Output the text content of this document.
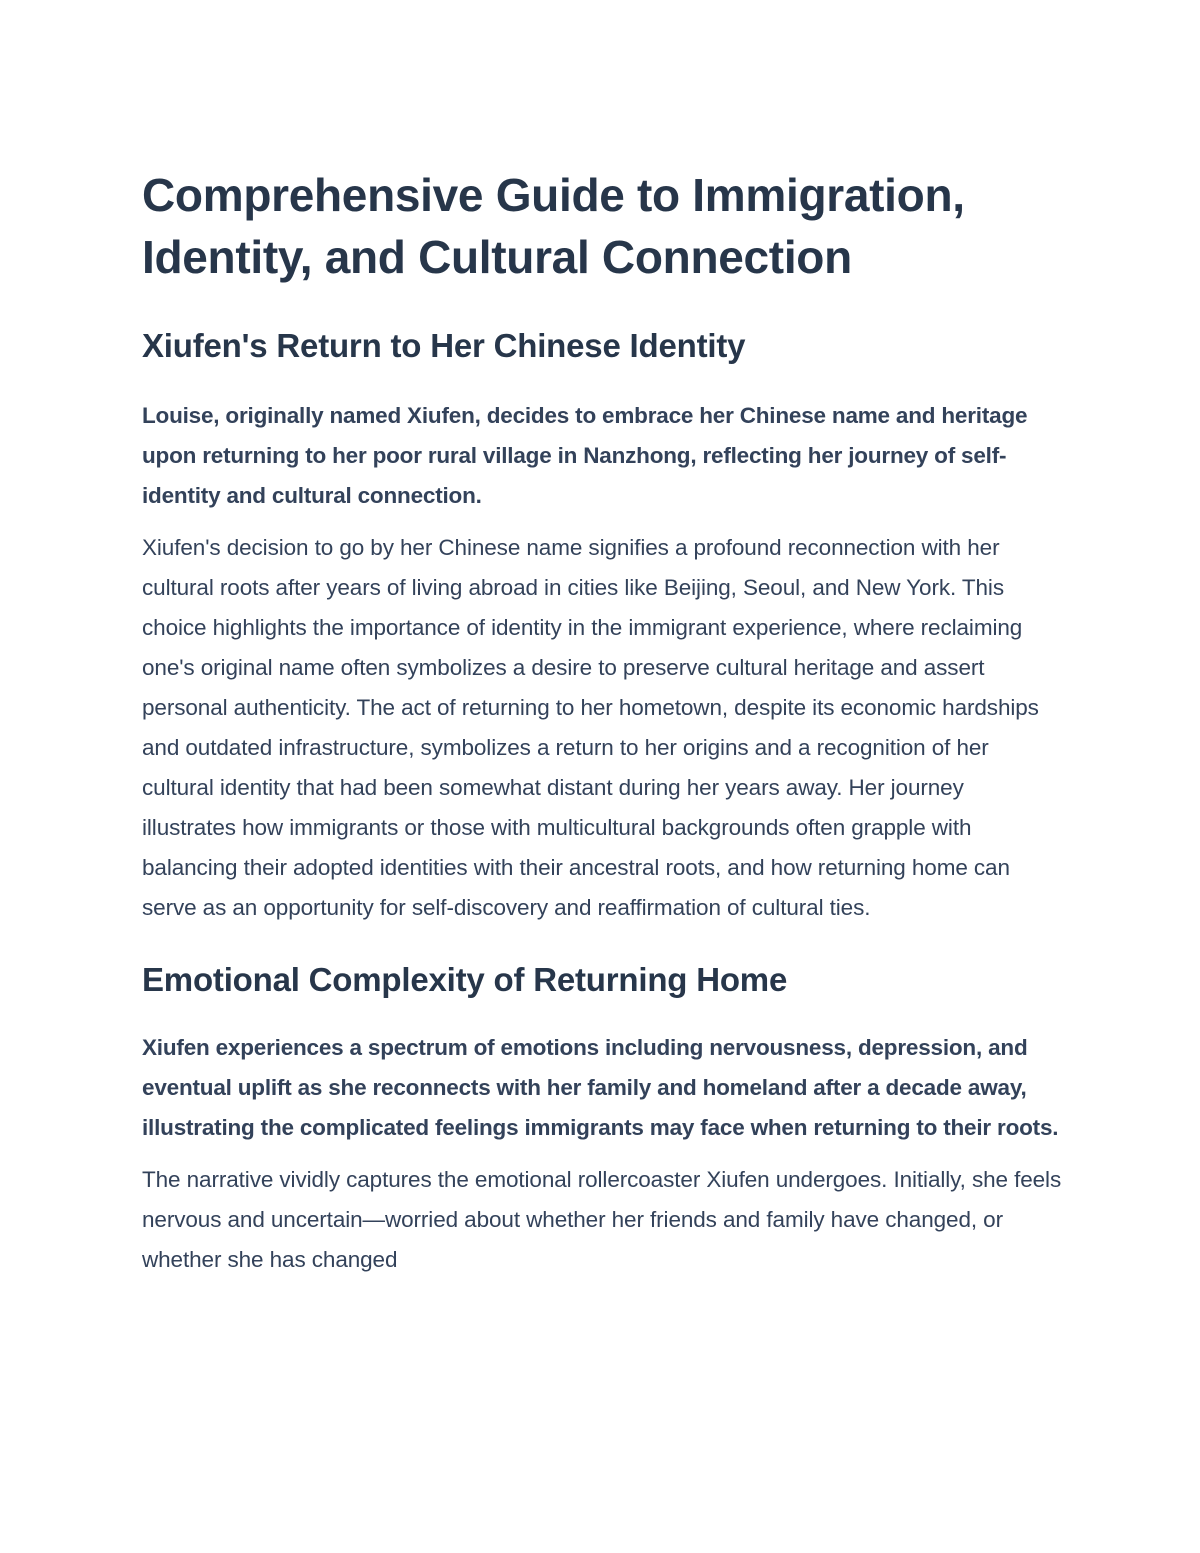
Comprehensive Guide to Immigration, Identity, and Cultural Connection
Xiufen's Return to Her Chinese Identity

Louise, originally named Xiufen, decides to embrace her Chinese name and heritage upon returning to her poor rural village in Nanzhong, reflecting her journey of self-identity and cultural connection.

Xiufen's decision to go by her Chinese name signifies a profound reconnection with her cultural roots after years of living abroad in cities like Beijing, Seoul, and New York. This choice highlights the importance of identity in the immigrant experience, where reclaiming one's original name often symbolizes a desire to preserve cultural heritage and assert personal authenticity. The act of returning to her hometown, despite its economic hardships and outdated infrastructure, symbolizes a return to her origins and a recognition of her cultural identity that had been somewhat distant during her years away. Her journey illustrates how immigrants or those with multicultural backgrounds often grapple with balancing their adopted identities with their ancestral roots, and how returning home can serve as an opportunity for self-discovery and reaffirmation of cultural ties.

Emotional Complexity of Returning Home

Xiufen experiences a spectrum of emotions including nervousness, depression, and eventual uplift as she reconnects with her family and homeland after a decade away, illustrating the complicated feelings immigrants may face when returning to their roots.

The narrative vividly captures the emotional rollercoaster Xiufen undergoes. Initially, she feels nervous and uncertain—worried about whether her friends and family have changed, or whether she has changed
